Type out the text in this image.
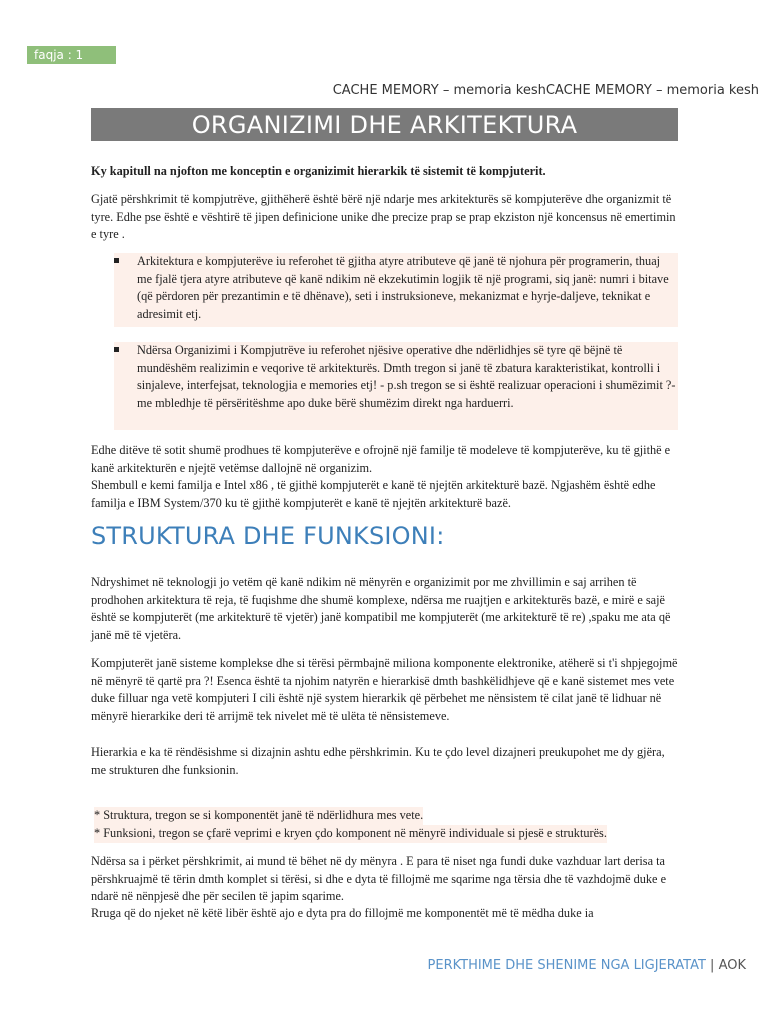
faqja : 1
CACHE MEMORY – memoria keshCACHE MEMORY – memoria kesh
ORGANIZIMI DHE ARKITEKTURA

Ky kapitull na njofton me konceptin e organizimit hierarkik të sistemit të kompjuterit.

Gjatë përshkrimit të kompjutrëve, gjithëherë është bërë një ndarje mes arkitekturës së kompjuterëve dhe organizmit të tyre. Edhe pse është e vështirë të jipen definicione unike dhe precize prap se prap ekziston një koncensus në emertimin e tyre .

Arkitektura e kompjuterëve iu referohet të gjitha atyre atributeve që janë të njohura për programerin, thuaj me fjalë tjera atyre atributeve që kanë ndikim në ekzekutimin logjik të një programi, siq janë: numri i bitave (që përdoren për prezantimin e të dhënave), seti i instruksioneve, mekanizmat e hyrje-daljeve, teknikat e adresimit etj.
Ndërsa Organizimi i Kompjutrëve iu referohet njësive operative dhe ndërlidhjes së tyre që bëjnë të mundëshëm realizimin e veqorive të arkitekturës. Dmth tregon si janë të zbatura karakteristikat, kontrolli i sinjaleve, interfejsat, teknologjia e memories etj! - p.sh tregon se si është realizuar operacioni i shumëzimit ?- me mbledhje të përsëritëshme apo duke bërë shumëzim direkt nga harduerri.

Edhe ditëve të sotit shumë prodhues të kompjuterëve e ofrojnë një familje të modeleve të kompjuterëve, ku të gjithë e kanë arkitekturën e njejtë vetëmse dallojnë në organizim.

Shembull e kemi familja e Intel x86 , të gjithë kompjuterët e kanë të njejtën arkitekturë bazë. Ngjashëm është edhe familja e IBM System/370 ku të gjithë kompjuterët e kanë të njejtën arkitekturë bazë.

STRUKTURA DHE FUNKSIONI:

Ndryshimet në teknologji jo vetëm që kanë ndikim në mënyrën e organizimit por me zhvillimin e saj arrihen të prodhohen arkitektura të reja, të fuqishme dhe shumë komplexe, ndërsa me ruajtjen e arkitekturës bazë, e mirë e sajë është se kompjuterët (me arkitekturë të vjetër) janë kompatibil me kompjuterët (me arkitekturë të re) ,spaku me ata që janë më të vjetëra.

Kompjuterët janë sisteme komplekse dhe si tërësi përmbajnë miliona komponente elektronike, atëherë si t'i shpjegojmë në mënyrë të qartë pra ?! Esenca është ta njohim natyrën e hierarkisë dmth bashkëlidhjeve që e kanë sistemet mes vete duke filluar nga vetë kompjuteri I cili është një system hierarkik që përbehet me nënsistem të cilat janë të lidhuar në mënyrë hierarkike deri të arrijmë tek nivelet më të ulëta të nënsistemeve.

Hierarkia e ka të rëndësishme si dizajnin ashtu edhe përshkrimin. Ku te çdo level dizajneri preukupohet me dy gjëra, me strukturen dhe funksionin.

* Struktura, tregon se si komponentët janë të ndërlidhura mes vete.
* Funksioni, tregon se çfarë veprimi e kryen çdo komponent në mënyrë individuale si pjesë e strukturës.

Ndërsa sa i përket përshkrimit, ai mund të bëhet në dy mënyra . E para të niset nga fundi duke vazhduar lart derisa ta përshkruajmë të tërin dmth komplet si tërësi, si dhe e dyta të fillojmë me sqarime nga tërsia dhe të vazhdojmë duke e ndarë në nënpjesë dhe për secilen të japim sqarime.

Rruga që do njeket në këtë libër është ajo e dyta pra do fillojmë me komponentët më të mëdha duke ia

PERKTHIME DHE SHENIME NGA LIGJERATAT | AOK
